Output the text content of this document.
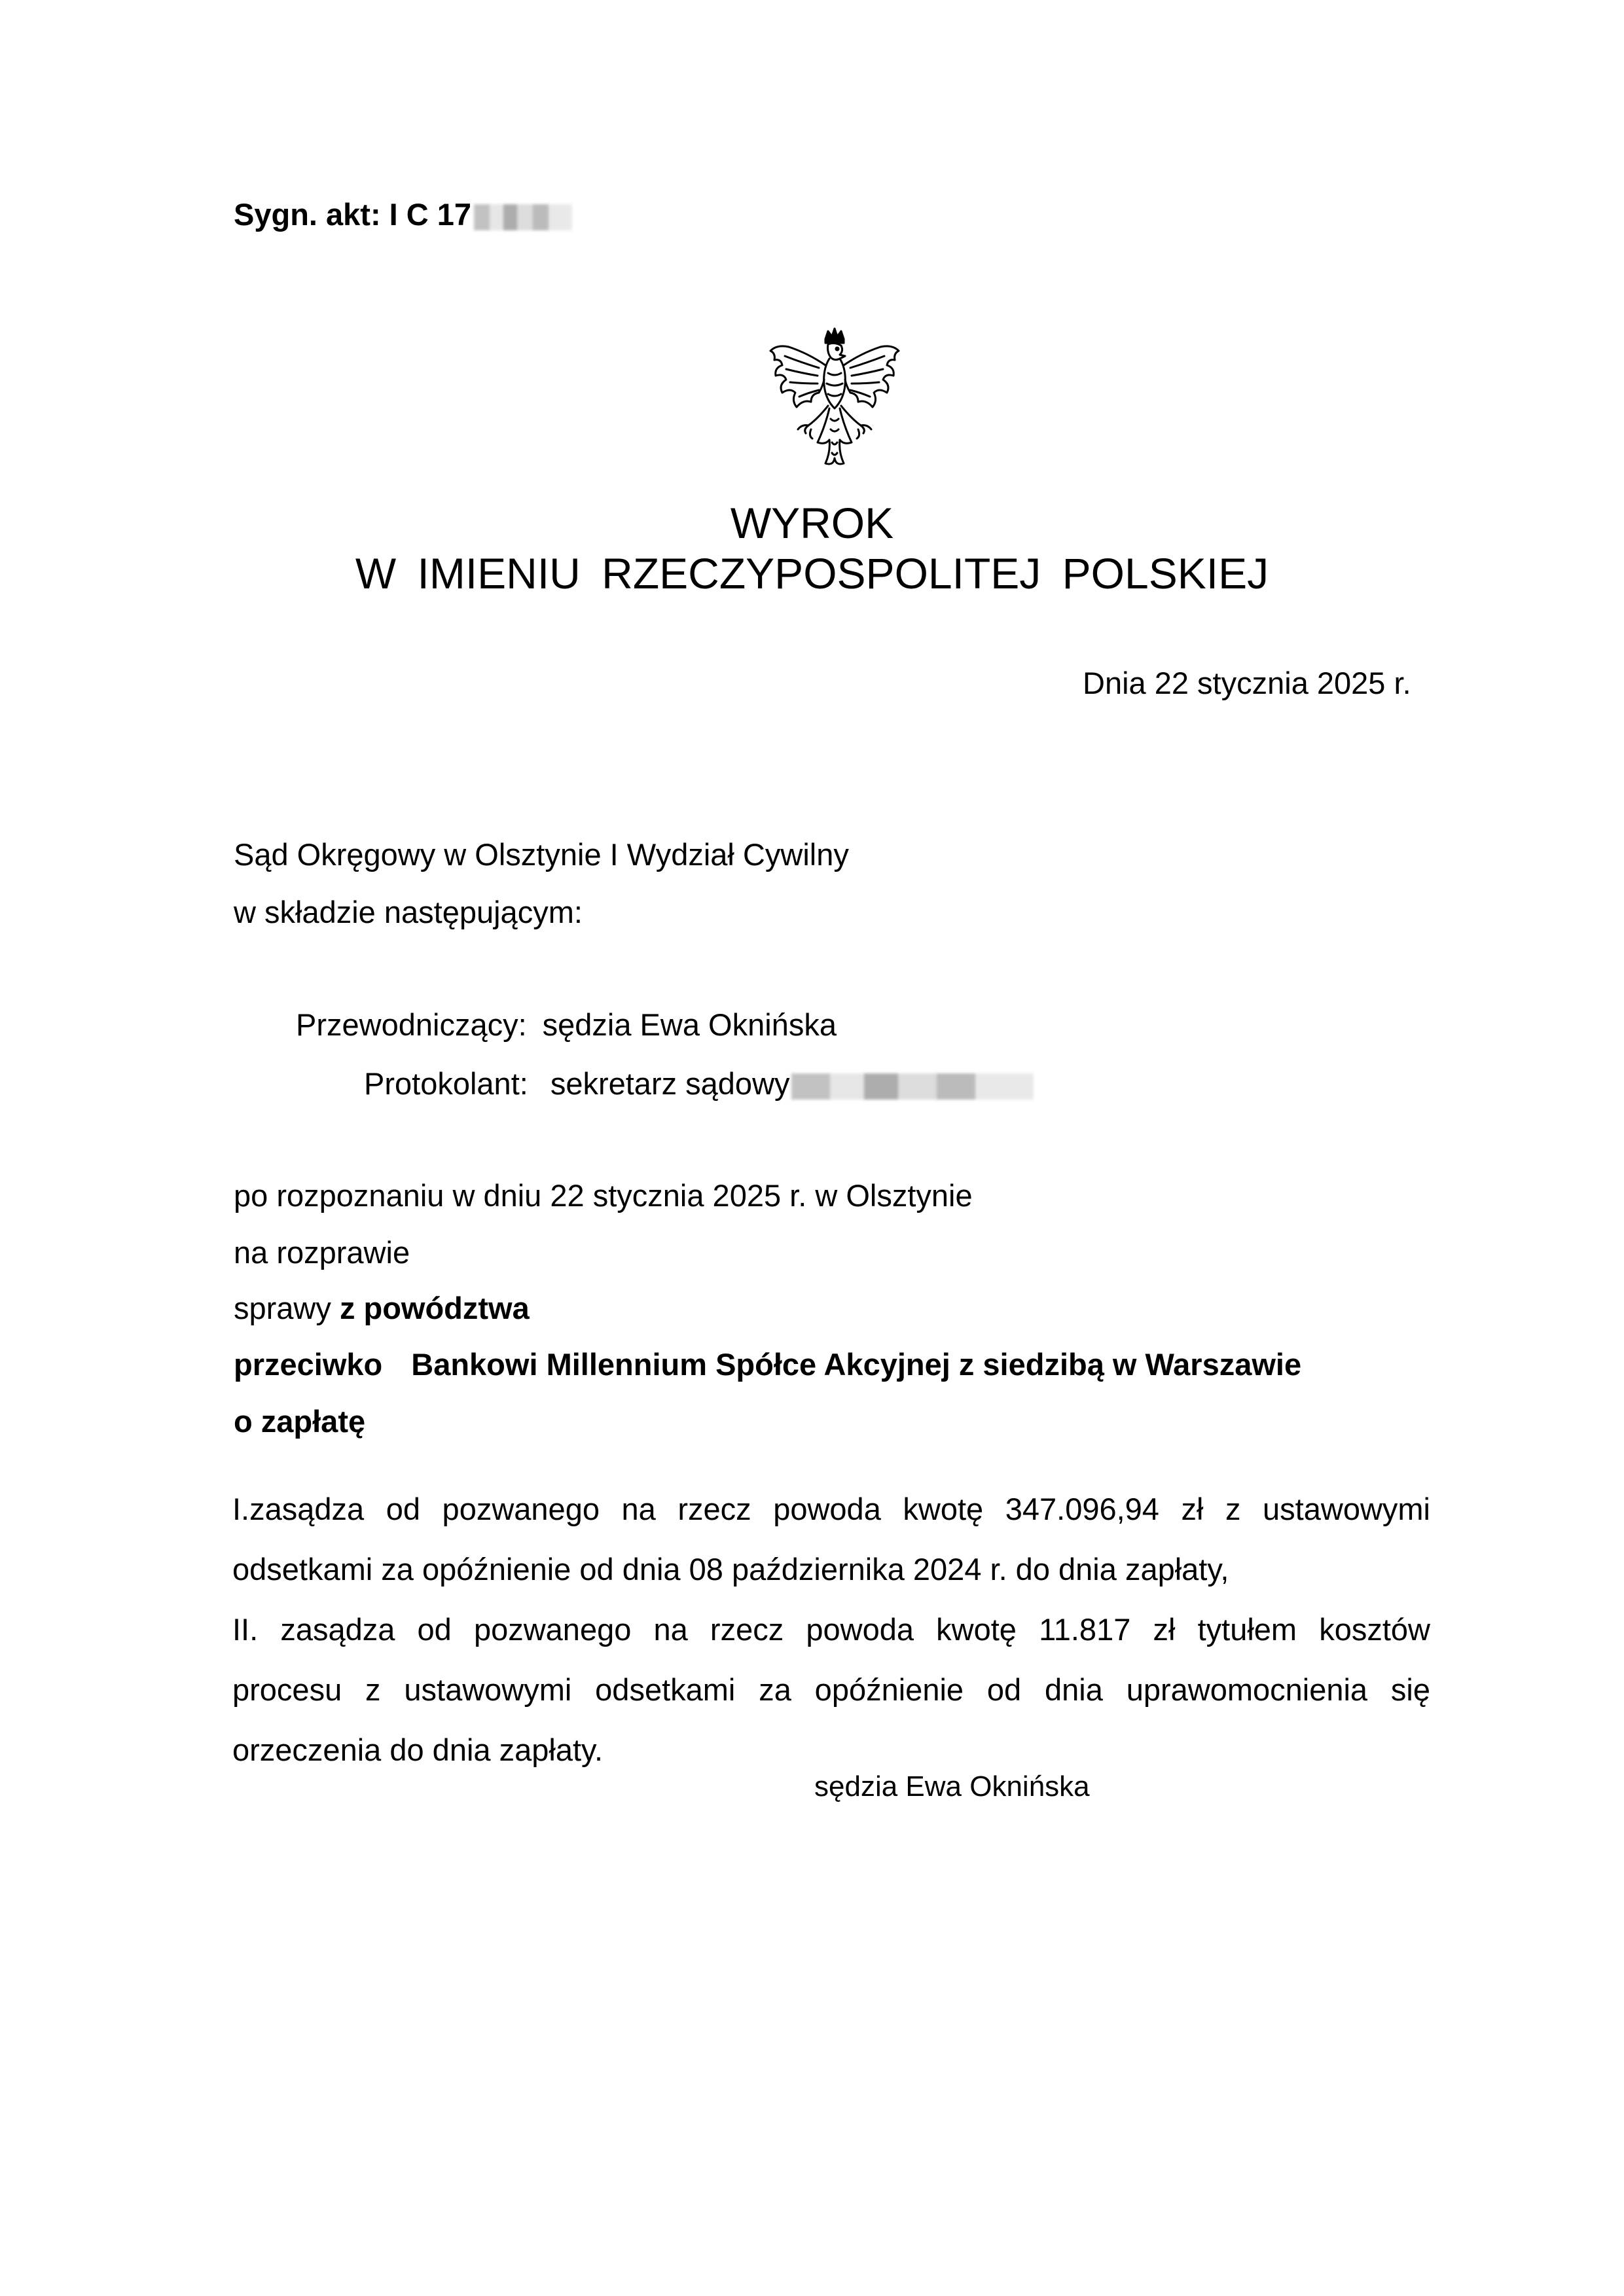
Sygn. akt: I C 17
WYROK
W IMIENIU RZECZYPOSPOLITEJ POLSKIEJ
Dnia 22 stycznia 2025 r.
Sąd Okręgowy w Olsztynie I Wydział Cywilny
w składzie następującym:
Przewodniczący: sędzia Ewa Oknińska
Protokolant: sekretarz sądowy
po rozpoznaniu w dniu 22 stycznia 2025 r. w Olsztynie
na rozprawie
sprawy z powództwa
przeciwko Bankowi Millennium Spółce Akcyjnej z siedzibą w Warszawie
o zapłatę
I.zasądza od pozwanego na rzecz powoda kwotę 347.096,94 zł z ustawowymi
odsetkami za opóźnienie od dnia 08 października 2024 r. do dnia zapłaty,
II. zasądza od pozwanego na rzecz powoda kwotę 11.817 zł tytułem kosztów
procesu z ustawowymi odsetkami za opóźnienie od dnia uprawomocnienia się
orzeczenia do dnia zapłaty.
sędzia Ewa Oknińska
